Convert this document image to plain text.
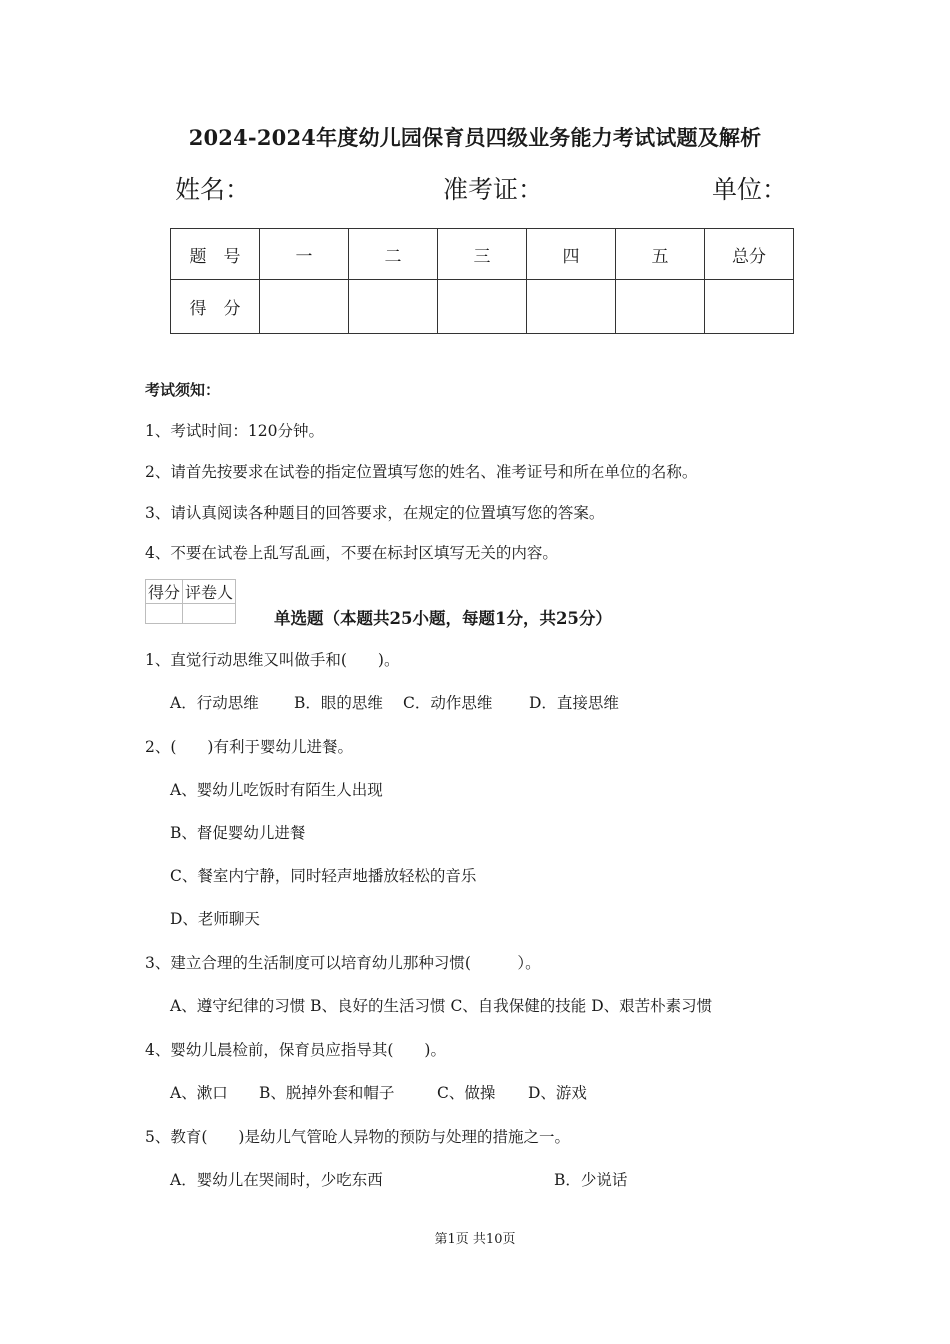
2024-2024年度幼儿园保育员四级业务能力考试试题及解析
姓名：	准考证：	单位：
题　号	一	二	三	四	五	总分
得　分						
考试须知：
1、考试时间：120分钟。
2、请首先按要求在试卷的指定位置填写您的姓名、准考证号和所在单位的名称。
3、请认真阅读各种题目的回答要求，在规定的位置填写您的答案。
4、不要在试卷上乱写乱画，不要在标封区填写无关的内容。
得分	评卷人

单选题（本题共25小题，每题1分，共25分）
1、直觉行动思维又叫做手和(　　)。
A．行动思维 B．眼的思维 C．动作思维 D．直接思维
2、(　　)有利于婴幼儿进餐。
A、婴幼儿吃饭时有陌生人出现
B、督促婴幼儿进餐
C、餐室内宁静，同时轻声地播放轻松的音乐
D、老师聊天
3、建立合理的生活制度可以培育幼儿那种习惯(　　　）。
A、遵守纪律的习惯 B、良好的生活习惯 C、自我保健的技能 D、艰苦朴素习惯
4、婴幼儿晨检前，保育员应指导其(　　)。
A、漱口 B、脱掉外套和帽子	C、做操 D、游戏
5、教育(　　)是幼儿气管呛人异物的预防与处理的措施之一。
A．婴幼儿在哭闹时，少吃东西	B．少说话
第1页 共10页
